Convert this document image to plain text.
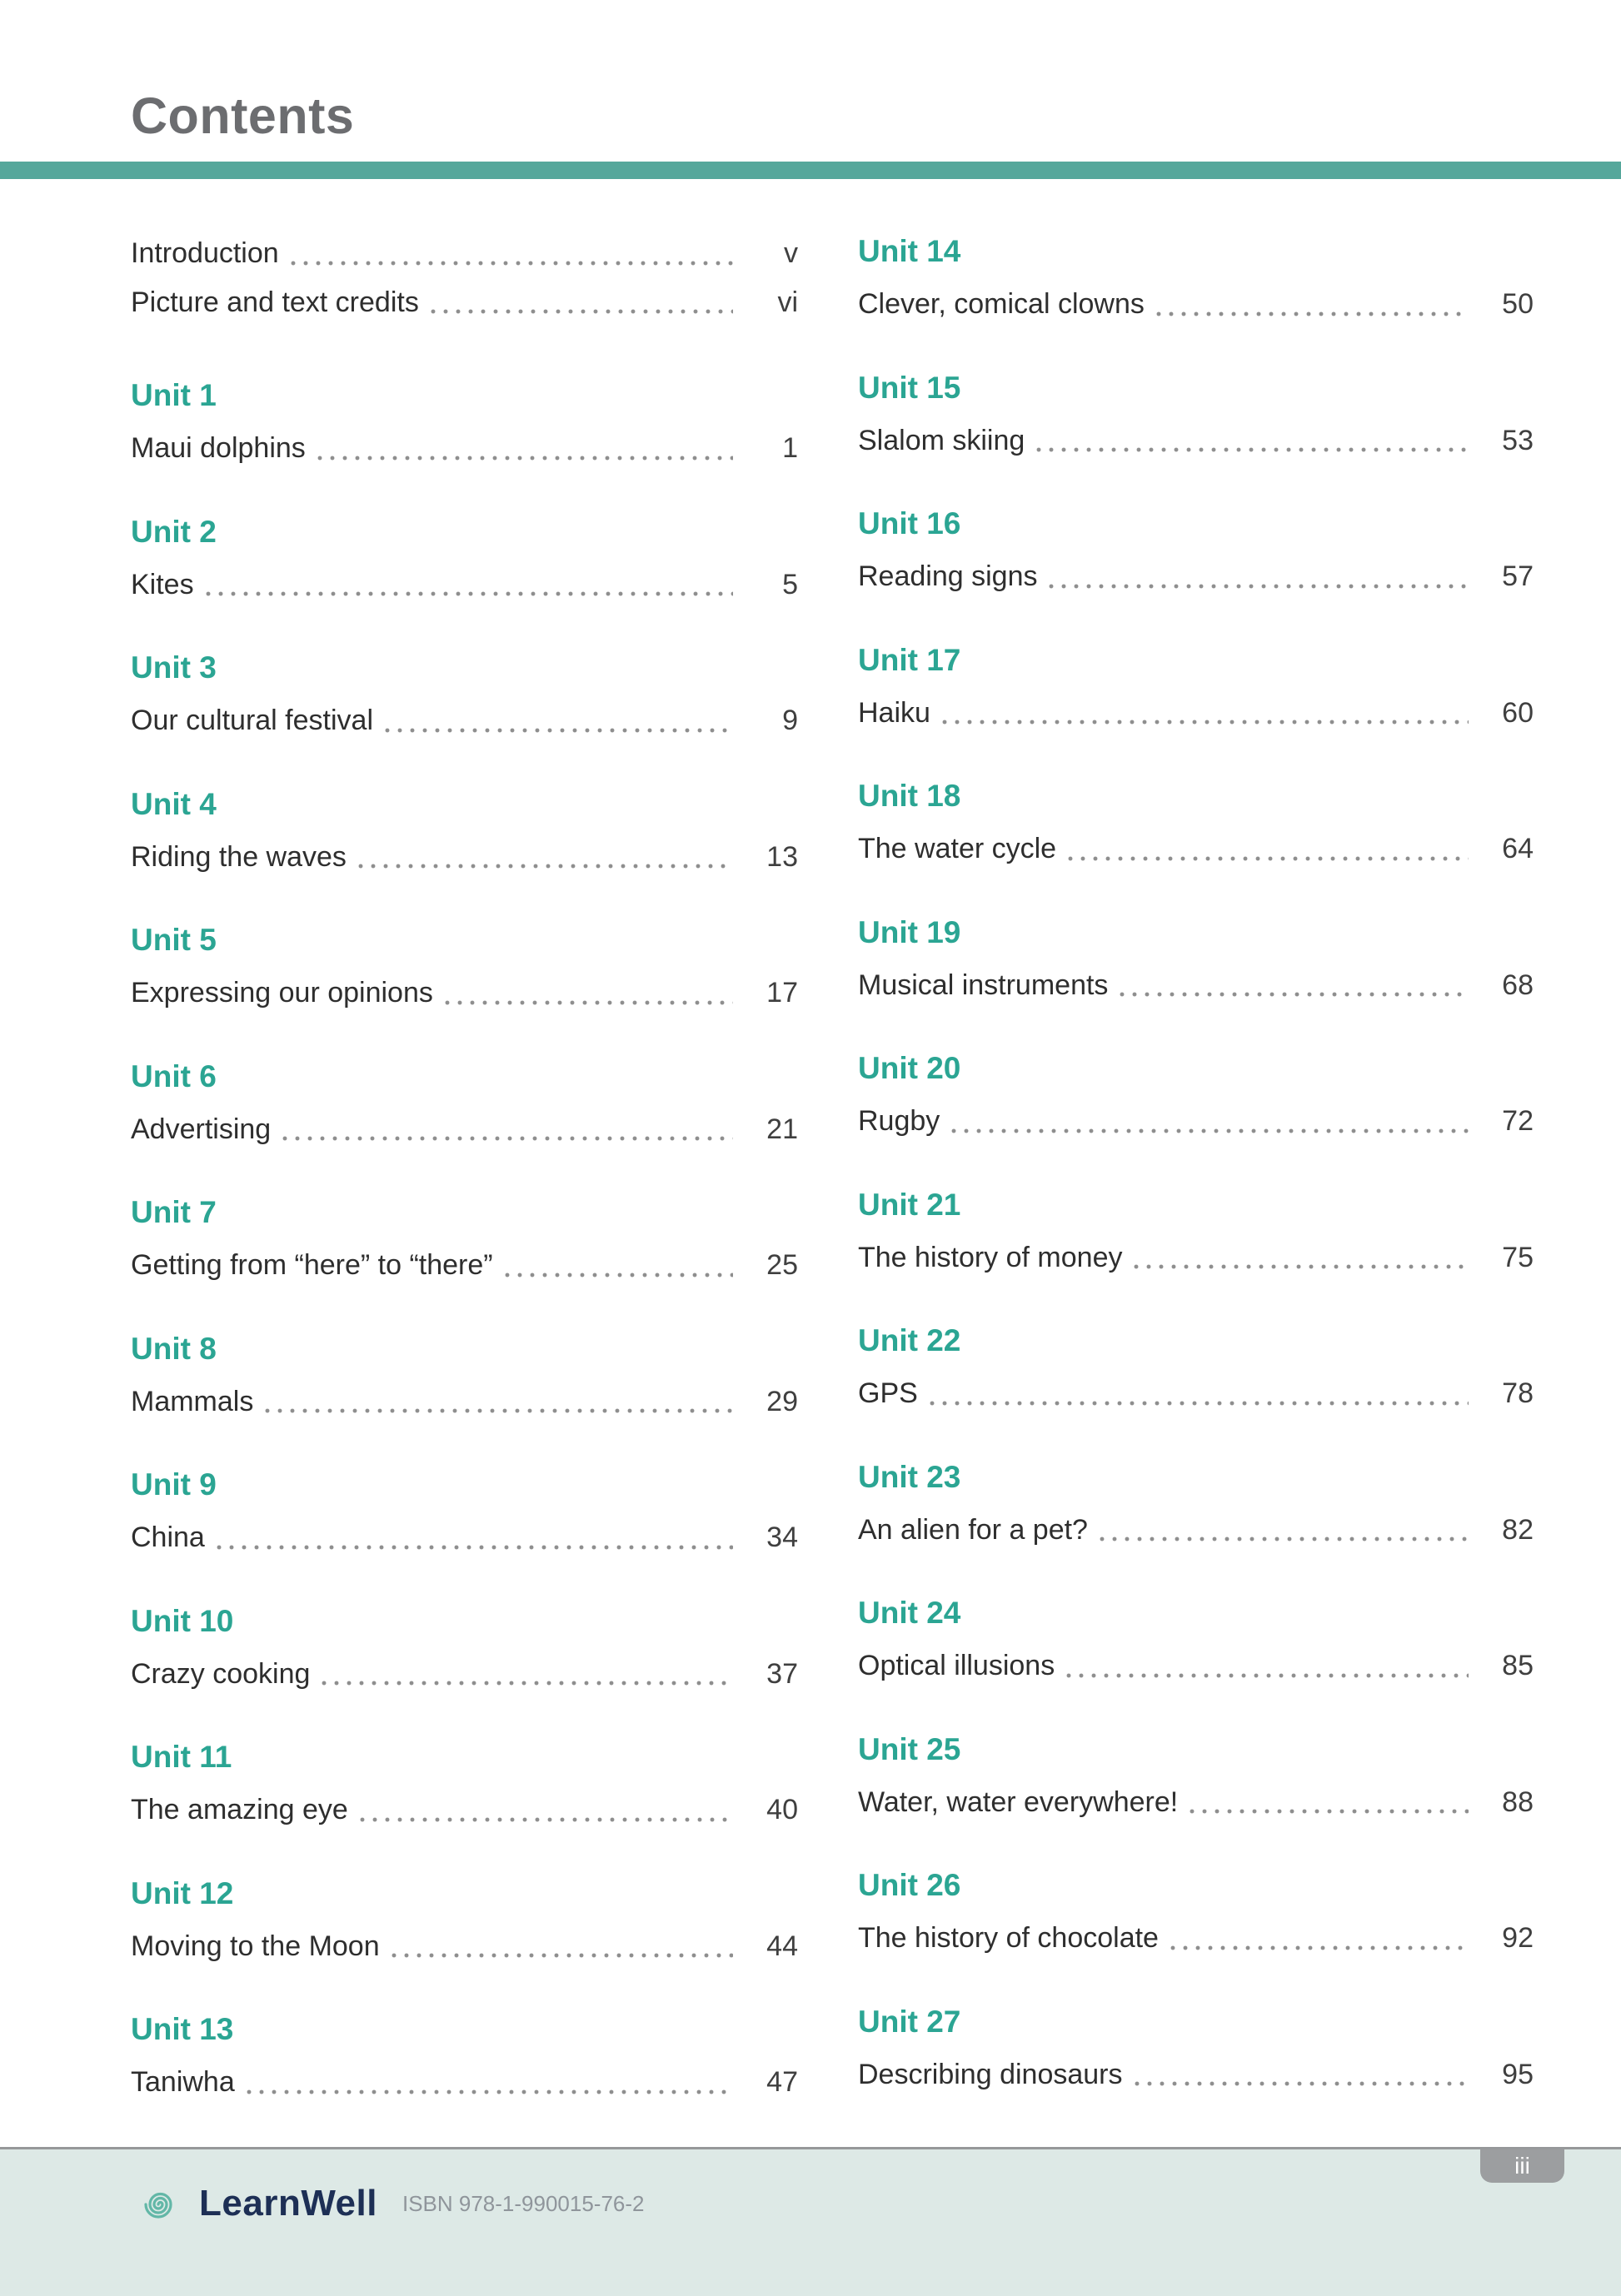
Contents
Introduction	v
Picture and text credits	vi
Unit 1
Maui dolphins	1
Unit 2
Kites	5
Unit 3
Our cultural festival	9
Unit 4
Riding the waves	13
Unit 5
Expressing our opinions	17
Unit 6
Advertising	21
Unit 7
Getting from “here” to “there”	25
Unit 8
Mammals	29
Unit 9
China	34
Unit 10
Crazy cooking	37
Unit 11
The amazing eye	40
Unit 12
Moving to the Moon	44
Unit 13
Taniwha	47
Unit 14
Clever, comical clowns	50
Unit 15
Slalom skiing	53
Unit 16
Reading signs	57
Unit 17
Haiku	60
Unit 18
The water cycle	64
Unit 19
Musical instruments	68
Unit 20
Rugby	72
Unit 21
The history of money	75
Unit 22
GPS	78
Unit 23
An alien for a pet?	82
Unit 24
Optical illusions	85
Unit 25
Water, water everywhere!	88
Unit 26
The history of chocolate	92
Unit 27
Describing dinosaurs	95
iii
LearnWell ISBN 978-1-990015-76-2
